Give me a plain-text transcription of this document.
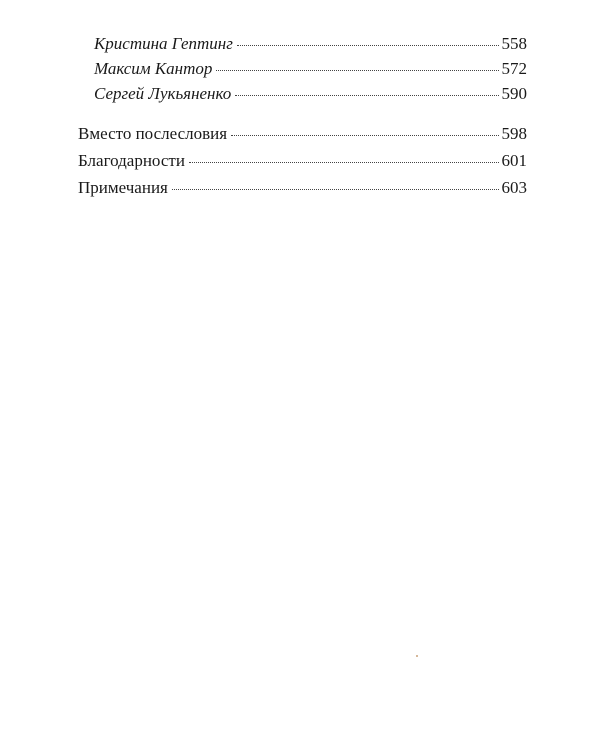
Кристина Гептинг	558
Максим Кантор	572
Сергей Лукьяненко	590
Вместо послесловия	598
Благодарности	601
Примечания	603
